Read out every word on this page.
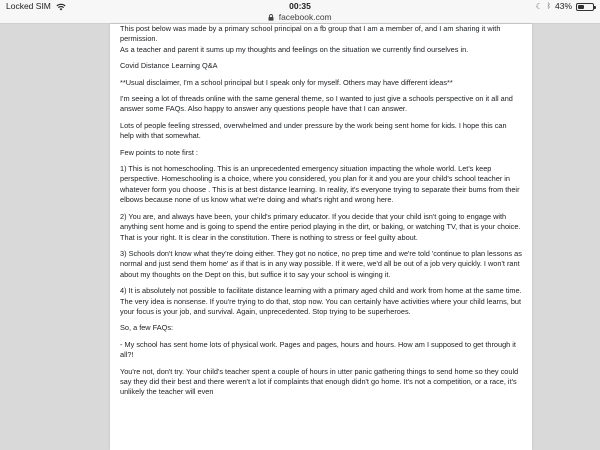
Locked SIM	00:35	☾ ᛒ 43%
facebook.com

This post below was made by a primary school principal on a fb group that I am a member of, and I am sharing it with permission.

As a teacher and parent it sums up my thoughts and feelings on the situation we currently find ourselves in.

Covid Distance Learning Q&A

**Usual disclaimer, I'm a school principal but I speak only for myself. Others may have different ideas**

I'm seeing a lot of threads online with the same general theme, so I wanted to just give a schools perspective on it all and answer some FAQs. Also happy to answer any questions people have that I can answer.

Lots of people feeling stressed, overwhelmed and under pressure by the work being sent home for kids. I hope this can help with that somewhat.

Few points to note first :

1) This is not homeschooling. This is an unprecedented emergency situation impacting the whole world. Let's keep perspective. Homeschooling is a choice, where you considered, you plan for it and you are your child's school teacher in whatever form you choose . This is at best distance learning. In reality, it's everyone trying to separate their bums from their elbows because none of us know what we're doing and what's right and wrong here.

2) You are, and always have been, your child's primary educator. If you decide that your child isn't going to engage with anything sent home and is going to spend the entire period playing in the dirt, or baking, or watching TV, that is your choice. That is your right. It is clear in the constitution. There is nothing to stress or feel guilty about.

3) Schools don't know what they're doing either. They got no notice, no prep time and we're told 'continue to plan lessons as normal and just send them home' as if that is in any way possible. If it were, we'd all be out of a job very quickly. I won't rant about my thoughts on the Dept on this, but suffice it to say your school is winging it.

4) It is absolutely not possible to facilitate distance learning with a primary aged child and work from home at the same time. The very idea is nonsense. If you're trying to do that, stop now. You can certainly have activities where your child learns, but your focus is your job, and survival. Again, unprecedented. Stop trying to be superheroes.

So, a few FAQs:

- My school has sent home lots of physical work. Pages and pages, hours and hours. How am I supposed to get through it all?!

You're not, don't try. Your child's teacher spent a couple of hours in utter panic gathering things to send home so they could say they did their best and there weren't a lot if complaints that enough didn't go home. It's not a competition, or a race, it's unlikely the teacher will even
